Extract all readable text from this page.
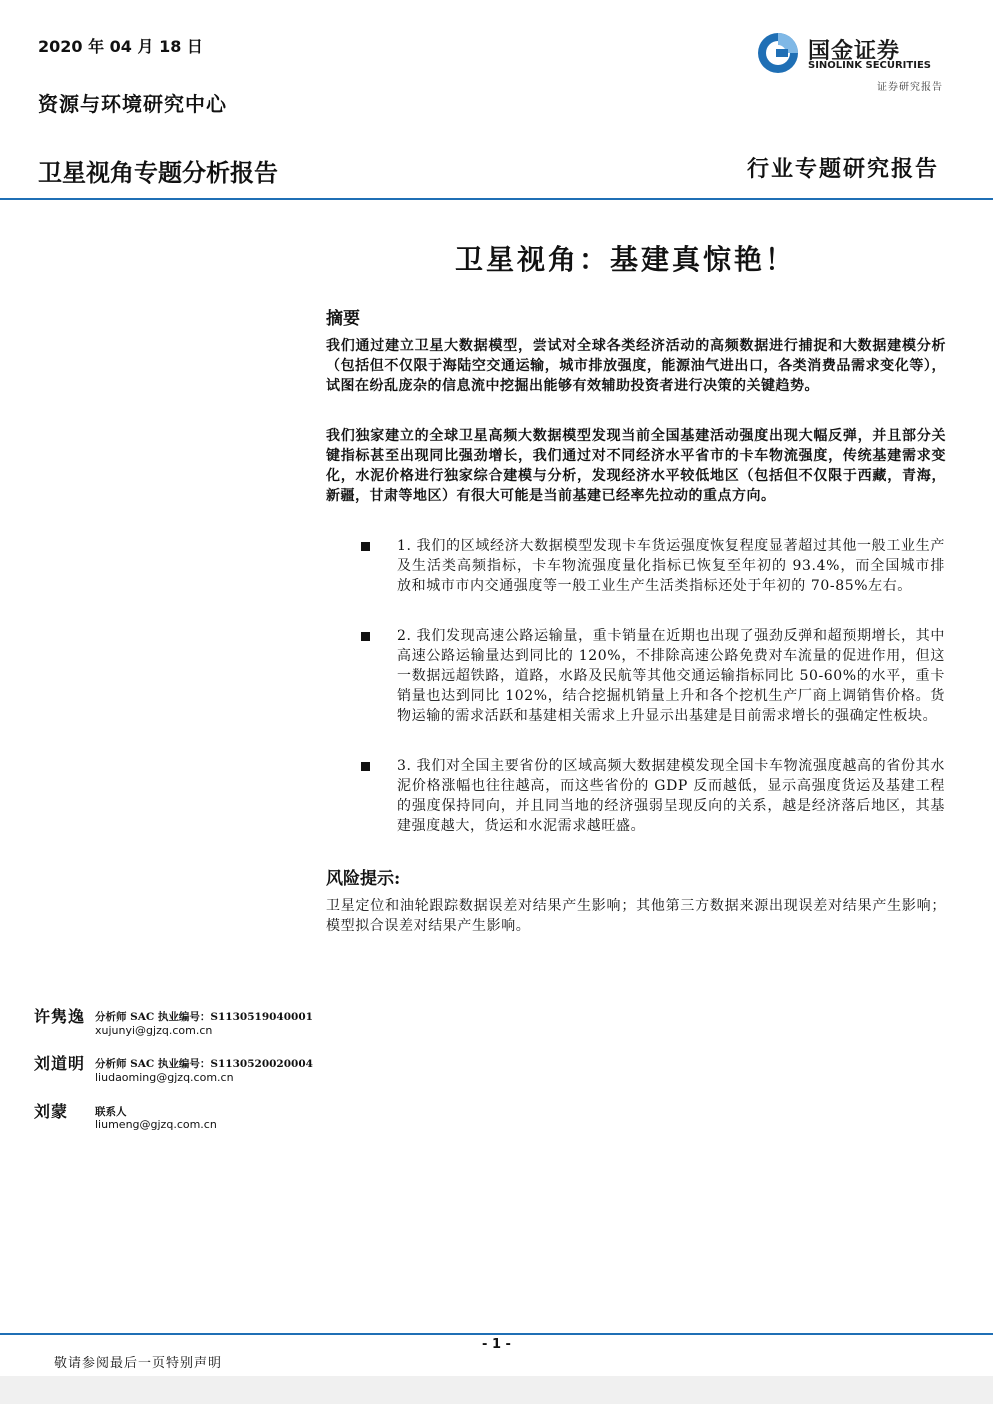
2020 年 04 月 18 日
资源与环境研究中心
卫星视角专题分析报告	行业专题研究报告
国金证券
SINOLINK SECURITIES
证券研究报告
卫星视角：基建真惊艳！
摘要
我们通过建立卫星大数据模型，尝试对全球各类经济活动的高频数据进行捕捉和大数据建模分析（包括但不仅限于海陆空交通运输，城市排放强度，能源油气进出口，各类消费品需求变化等），试图在纷乱庞杂的信息流中挖掘出能够有效辅助投资者进行决策的关键趋势。
我们独家建立的全球卫星高频大数据模型发现当前全国基建活动强度出现大幅反弹，并且部分关键指标甚至出现同比强劲增长，我们通过对不同经济水平省市的卡车物流强度，传统基建需求变化，水泥价格进行独家综合建模与分析，发现经济水平较低地区（包括但不仅限于西藏，青海，新疆，甘肃等地区）有很大可能是当前基建已经率先拉动的重点方向。
1. 我们的区域经济大数据模型发现卡车货运强度恢复程度显著超过其他一般工业生产及生活类高频指标，卡车物流强度量化指标已恢复至年初的 93.4%，而全国城市排放和城市市内交通强度等一般工业生产生活类指标还处于年初的 70-85%左右。
2. 我们发现高速公路运输量，重卡销量在近期也出现了强劲反弹和超预期增长，其中高速公路运输量达到同比的 120%，不排除高速公路免费对车流量的促进作用，但这一数据远超铁路，道路，水路及民航等其他交通运输指标同比 50-60%的水平，重卡销量也达到同比 102%，结合挖掘机销量上升和各个挖机生产厂商上调销售价格。货物运输的需求活跃和基建相关需求上升显示出基建是目前需求增长的强确定性板块。
3. 我们对全国主要省份的区域高频大数据建模发现全国卡车物流强度越高的省份其水泥价格涨幅也往往越高，而这些省份的 GDP 反而越低，显示高强度货运及基建工程的强度保持同向，并且同当地的经济强弱呈现反向的关系，越是经济落后地区，其基建强度越大，货运和水泥需求越旺盛。
风险提示:
卫星定位和油轮跟踪数据误差对结果产生影响；其他第三方数据来源出现误差对结果产生影响；模型拟合误差对结果产生影响。
许隽逸 分析师 SAC 执业编号：S1130519040001
xujunyi@gjzq.com.cn
刘道明 分析师 SAC 执业编号：S1130520020004
liudaoming@gjzq.com.cn
刘蒙	联系人
liumeng@gjzq.com.cn
- 1 -
敬请参阅最后一页特别声明
